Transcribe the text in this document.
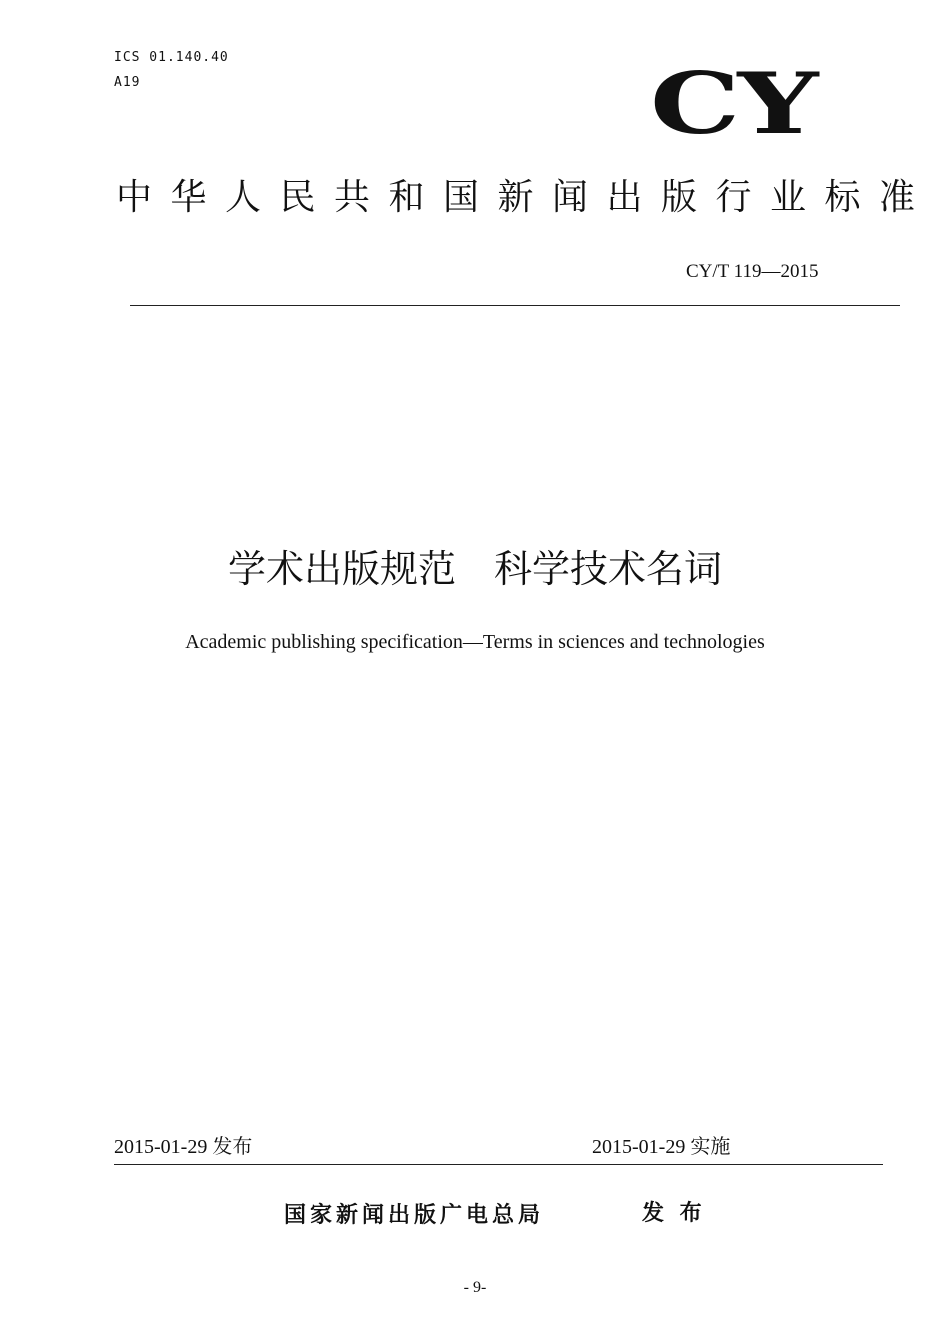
ICS 01.140.40
A19	CY
中华人民共和国新闻出版行业标准
CY/T 119—2015
学术出版规范　科学技术名词
Academic publishing specification—Terms in sciences and technologies
2015-01-29 发布	2015-01-29 实施
国家新闻出版广电总局	发 布
- 9-
